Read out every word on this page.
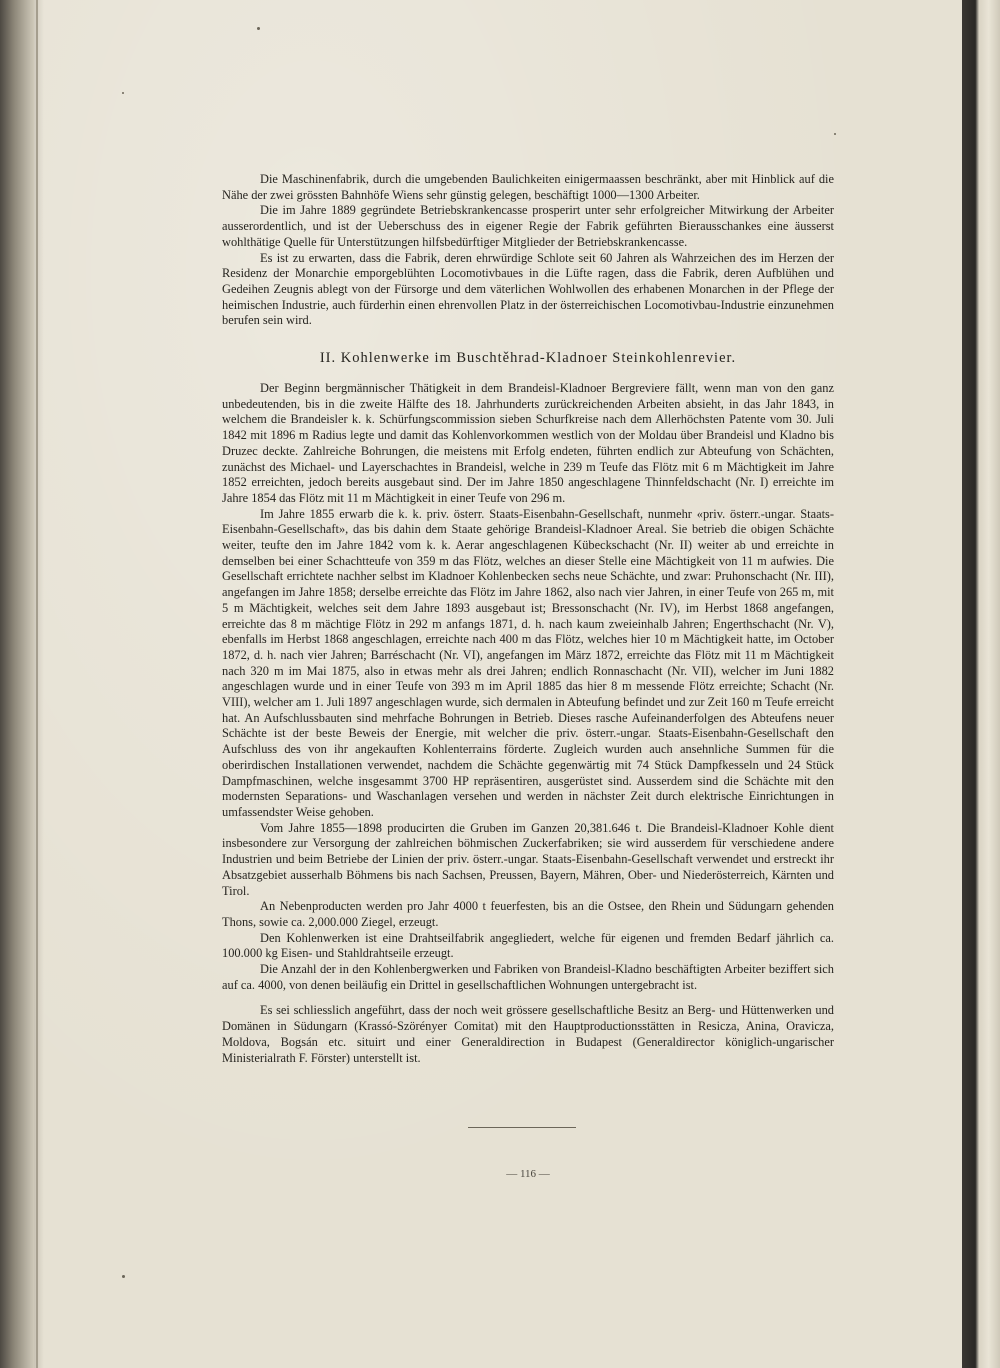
Die Maschinenfabrik, durch die umgebenden Baulichkeiten einigermaassen beschränkt, aber mit Hinblick auf die Nähe der zwei grössten Bahnhöfe Wiens sehr günstig gelegen, beschäftigt 1000—1300 Arbeiter.

Die im Jahre 1889 gegründete Betriebskrankencasse prosperirt unter sehr erfolgreicher Mitwirkung der Arbeiter ausserordentlich, und ist der Ueberschuss des in eigener Regie der Fabrik geführten Bierausschankes eine äusserst wohlthätige Quelle für Unterstützungen hilfsbedürftiger Mitglieder der Betriebskrankencasse.

Es ist zu erwarten, dass die Fabrik, deren ehrwürdige Schlote seit 60 Jahren als Wahrzeichen des im Herzen der Residenz der Monarchie emporgeblühten Locomotivbaues in die Lüfte ragen, dass die Fabrik, deren Aufblühen und Gedeihen Zeugnis ablegt von der Fürsorge und dem väterlichen Wohlwollen des erhabenen Monarchen in der Pflege der heimischen Industrie, auch fürderhin einen ehrenvollen Platz in der österreichischen Locomotivbau-Industrie einzunehmen berufen sein wird.

II. Kohlenwerke im Buschtěhrad-Kladnoer Steinkohlenrevier.

Der Beginn bergmännischer Thätigkeit in dem Brandeisl-Kladnoer Bergreviere fällt, wenn man von den ganz unbedeutenden, bis in die zweite Hälfte des 18. Jahrhunderts zurückreichenden Arbeiten absieht, in das Jahr 1843, in welchem die Brandeisler k. k. Schürfungscommission sieben Schurfkreise nach dem Allerhöchsten Patente vom 30. Juli 1842 mit 1896 m Radius legte und damit das Kohlenvorkommen westlich von der Moldau über Brandeisl und Kladno bis Druzec deckte. Zahlreiche Bohrungen, die meistens mit Erfolg endeten, führten endlich zur Abteufung von Schächten, zunächst des Michael- und Layerschachtes in Brandeisl, welche in 239 m Teufe das Flötz mit 6 m Mächtigkeit im Jahre 1852 erreichten, jedoch bereits ausgebaut sind. Der im Jahre 1850 angeschlagene Thinnfeldschacht (Nr. I) erreichte im Jahre 1854 das Flötz mit 11 m Mächtigkeit in einer Teufe von 296 m.

Im Jahre 1855 erwarb die k. k. priv. österr. Staats-Eisenbahn-Gesellschaft, nunmehr «priv. österr.-ungar. Staats-Eisenbahn-Gesellschaft», das bis dahin dem Staate gehörige Brandeisl-Kladnoer Areal. Sie betrieb die obigen Schächte weiter, teufte den im Jahre 1842 vom k. k. Aerar angeschlagenen Kübeckschacht (Nr. II) weiter ab und erreichte in demselben bei einer Schachtteufe von 359 m das Flötz, welches an dieser Stelle eine Mächtigkeit von 11 m aufwies. Die Gesellschaft errichtete nachher selbst im Kladnoer Kohlenbecken sechs neue Schächte, und zwar: Pruhonschacht (Nr. III), angefangen im Jahre 1858; derselbe erreichte das Flötz im Jahre 1862, also nach vier Jahren, in einer Teufe von 265 m, mit 5 m Mächtigkeit, welches seit dem Jahre 1893 ausgebaut ist; Bressonschacht (Nr. IV), im Herbst 1868 angefangen, erreichte das 8 m mächtige Flötz in 292 m anfangs 1871, d. h. nach kaum zweieinhalb Jahren; Engerthschacht (Nr. V), ebenfalls im Herbst 1868 angeschlagen, erreichte nach 400 m das Flötz, welches hier 10 m Mächtigkeit hatte, im October 1872, d. h. nach vier Jahren; Barréschacht (Nr. VI), angefangen im März 1872, erreichte das Flötz mit 11 m Mächtigkeit nach 320 m im Mai 1875, also in etwas mehr als drei Jahren; endlich Ronnaschacht (Nr. VII), welcher im Juni 1882 angeschlagen wurde und in einer Teufe von 393 m im April 1885 das hier 8 m messende Flötz erreichte; Schacht (Nr. VIII), welcher am 1. Juli 1897 angeschlagen wurde, sich dermalen in Abteufung befindet und zur Zeit 160 m Teufe erreicht hat. An Aufschlussbauten sind mehrfache Bohrungen in Betrieb. Dieses rasche Aufeinanderfolgen des Abteufens neuer Schächte ist der beste Beweis der Energie, mit welcher die priv. österr.-ungar. Staats-Eisenbahn-Gesellschaft den Aufschluss des von ihr angekauften Kohlenterrains förderte. Zugleich wurden auch ansehnliche Summen für die oberirdischen Installationen verwendet, nachdem die Schächte gegenwärtig mit 74 Stück Dampfkesseln und 24 Stück Dampfmaschinen, welche insgesammt 3700 HP repräsentiren, ausgerüstet sind. Ausserdem sind die Schächte mit den modernsten Separations- und Waschanlagen versehen und werden in nächster Zeit durch elektrische Einrichtungen in umfassendster Weise gehoben.

Vom Jahre 1855—1898 producirten die Gruben im Ganzen 20,381.646 t. Die Brandeisl-Kladnoer Kohle dient insbesondere zur Versorgung der zahlreichen böhmischen Zuckerfabriken; sie wird ausserdem für verschiedene andere Industrien und beim Betriebe der Linien der priv. österr.-ungar. Staats-Eisenbahn-Gesellschaft verwendet und erstreckt ihr Absatzgebiet ausserhalb Böhmens bis nach Sachsen, Preussen, Bayern, Mähren, Ober- und Niederösterreich, Kärnten und Tirol.

An Nebenproducten werden pro Jahr 4000 t feuerfesten, bis an die Ostsee, den Rhein und Südungarn gehenden Thons, sowie ca. 2,000.000 Ziegel, erzeugt.

Den Kohlenwerken ist eine Drahtseilfabrik angegliedert, welche für eigenen und fremden Bedarf jährlich ca. 100.000 kg Eisen- und Stahldrahtseile erzeugt.

Die Anzahl der in den Kohlenbergwerken und Fabriken von Brandeisl-Kladno beschäftigten Arbeiter beziffert sich auf ca. 4000, von denen beiläufig ein Drittel in gesellschaftlichen Wohnungen untergebracht ist.

Es sei schliesslich angeführt, dass der noch weit grössere gesellschaftliche Besitz an Berg- und Hüttenwerken und Domänen in Südungarn (Krassó-Szörényer Comitat) mit den Hauptproductionsstätten in Resicza, Anina, Oravicza, Moldova, Bogsán etc. situirt und einer Generaldirection in Budapest (Generaldirector königlich-ungarischer Ministerialrath F. Förster) unterstellt ist.

— 116 —
